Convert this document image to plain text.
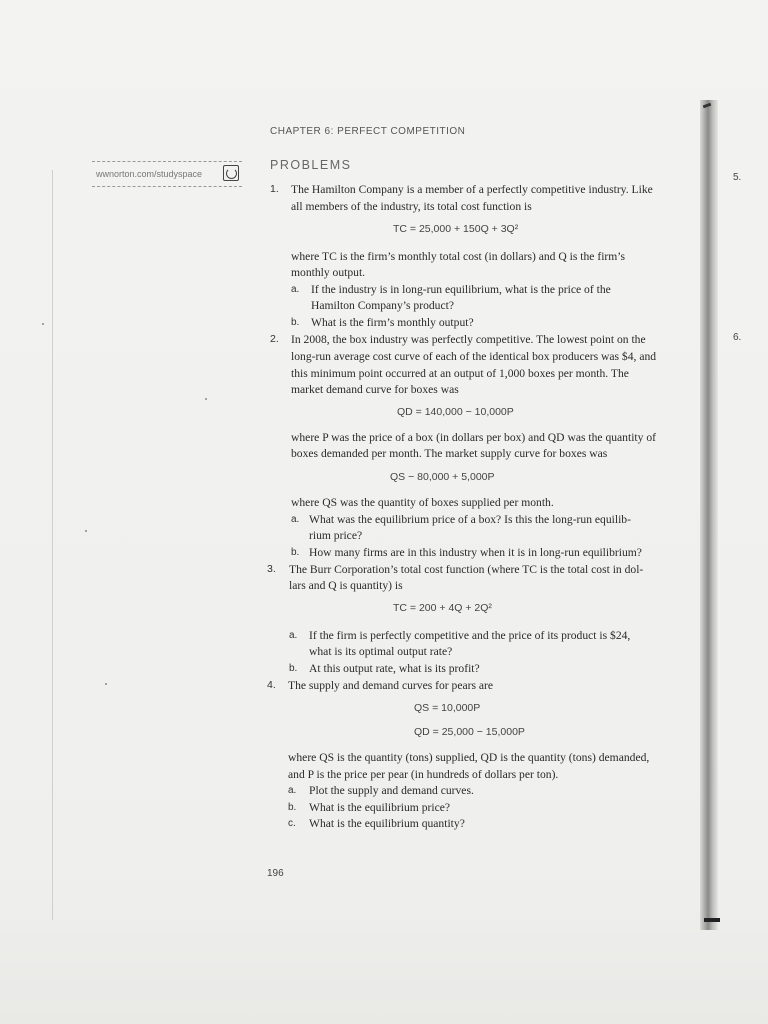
CHAPTER 6: PERFECT COMPETITION
PROBLEMS
wwnorton.com/studyspace	5.
6.
1. The Hamilton Company is a member of a perfectly competitive industry. Like
all members of the industry, its total cost function is
TC = 25,000 + 150Q + 3Q²
where TC is the firm’s monthly total cost (in dollars) and Q is the firm’s
monthly output.
a. If the industry is in long-run equilibrium, what is the price of the
Hamilton Company’s product?
b. What is the firm’s monthly output?
2. In 2008, the box industry was perfectly competitive. The lowest point on the
long-run average cost curve of each of the identical box producers was $4, and
this minimum point occurred at an output of 1,000 boxes per month. The
market demand curve for boxes was
QD = 140,000 − 10,000P
where P was the price of a box (in dollars per box) and QD was the quantity of
boxes demanded per month. The market supply curve for boxes was
QS − 80,000 + 5,000P
where QS was the quantity of boxes supplied per month.
a. What was the equilibrium price of a box? Is this the long-run equilib-
rium price?
b. How many firms are in this industry when it is in long-run equilibrium?
3. The Burr Corporation’s total cost function (where TC is the total cost in dol-
lars and Q is quantity) is
TC = 200 + 4Q + 2Q²
a. If the firm is perfectly competitive and the price of its product is $24,
what is its optimal output rate?
b. At this output rate, what is its profit?
4. The supply and demand curves for pears are
QS = 10,000P
QD = 25,000 − 15,000P
where QS is the quantity (tons) supplied, QD is the quantity (tons) demanded,
and P is the price per pear (in hundreds of dollars per ton).
a. Plot the supply and demand curves.
b. What is the equilibrium price?
c. What is the equilibrium quantity?
196
